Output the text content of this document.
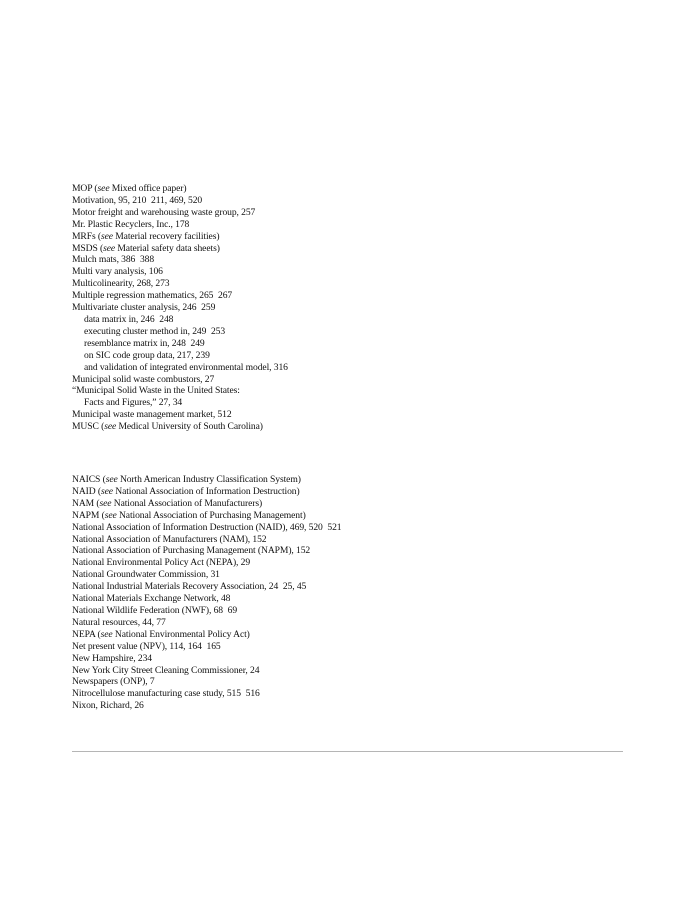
MOP (see Mixed office paper)
Motivation, 95, 210 211, 469, 520
Motor freight and warehousing waste group, 257
Mr. Plastic Recyclers, Inc., 178
MRFs (see Material recovery facilities)
MSDS (see Material safety data sheets)
Mulch mats, 386 388
Multi vary analysis, 106
Multicolinearity, 268, 273
Multiple regression mathematics, 265 267
Multivariate cluster analysis, 246 259
data matrix in, 246 248
executing cluster method in, 249 253
resemblance matrix in, 248 249
on SIC code group data, 217, 239
and validation of integrated environmental model, 316
Municipal solid waste combustors, 27
“Municipal Solid Waste in the United States:
Facts and Figures,” 27, 34
Municipal waste management market, 512
MUSC (see Medical University of South Carolina)
NAICS (see North American Industry Classification System)
NAID (see National Association of Information Destruction)
NAM (see National Association of Manufacturers)
NAPM (see National Association of Purchasing Management)
National Association of Information Destruction (NAID), 469, 520 521
National Association of Manufacturers (NAM), 152
National Association of Purchasing Management (NAPM), 152
National Environmental Policy Act (NEPA), 29
National Groundwater Commission, 31
National Industrial Materials Recovery Association, 24 25, 45
National Materials Exchange Network, 48
National Wildlife Federation (NWF), 68 69
Natural resources, 44, 77
NEPA (see National Environmental Policy Act)
Net present value (NPV), 114, 164 165
New Hampshire, 234
New York City Street Cleaning Commissioner, 24
Newspapers (ONP), 7
Nitrocellulose manufacturing case study, 515 516
Nixon, Richard, 26
